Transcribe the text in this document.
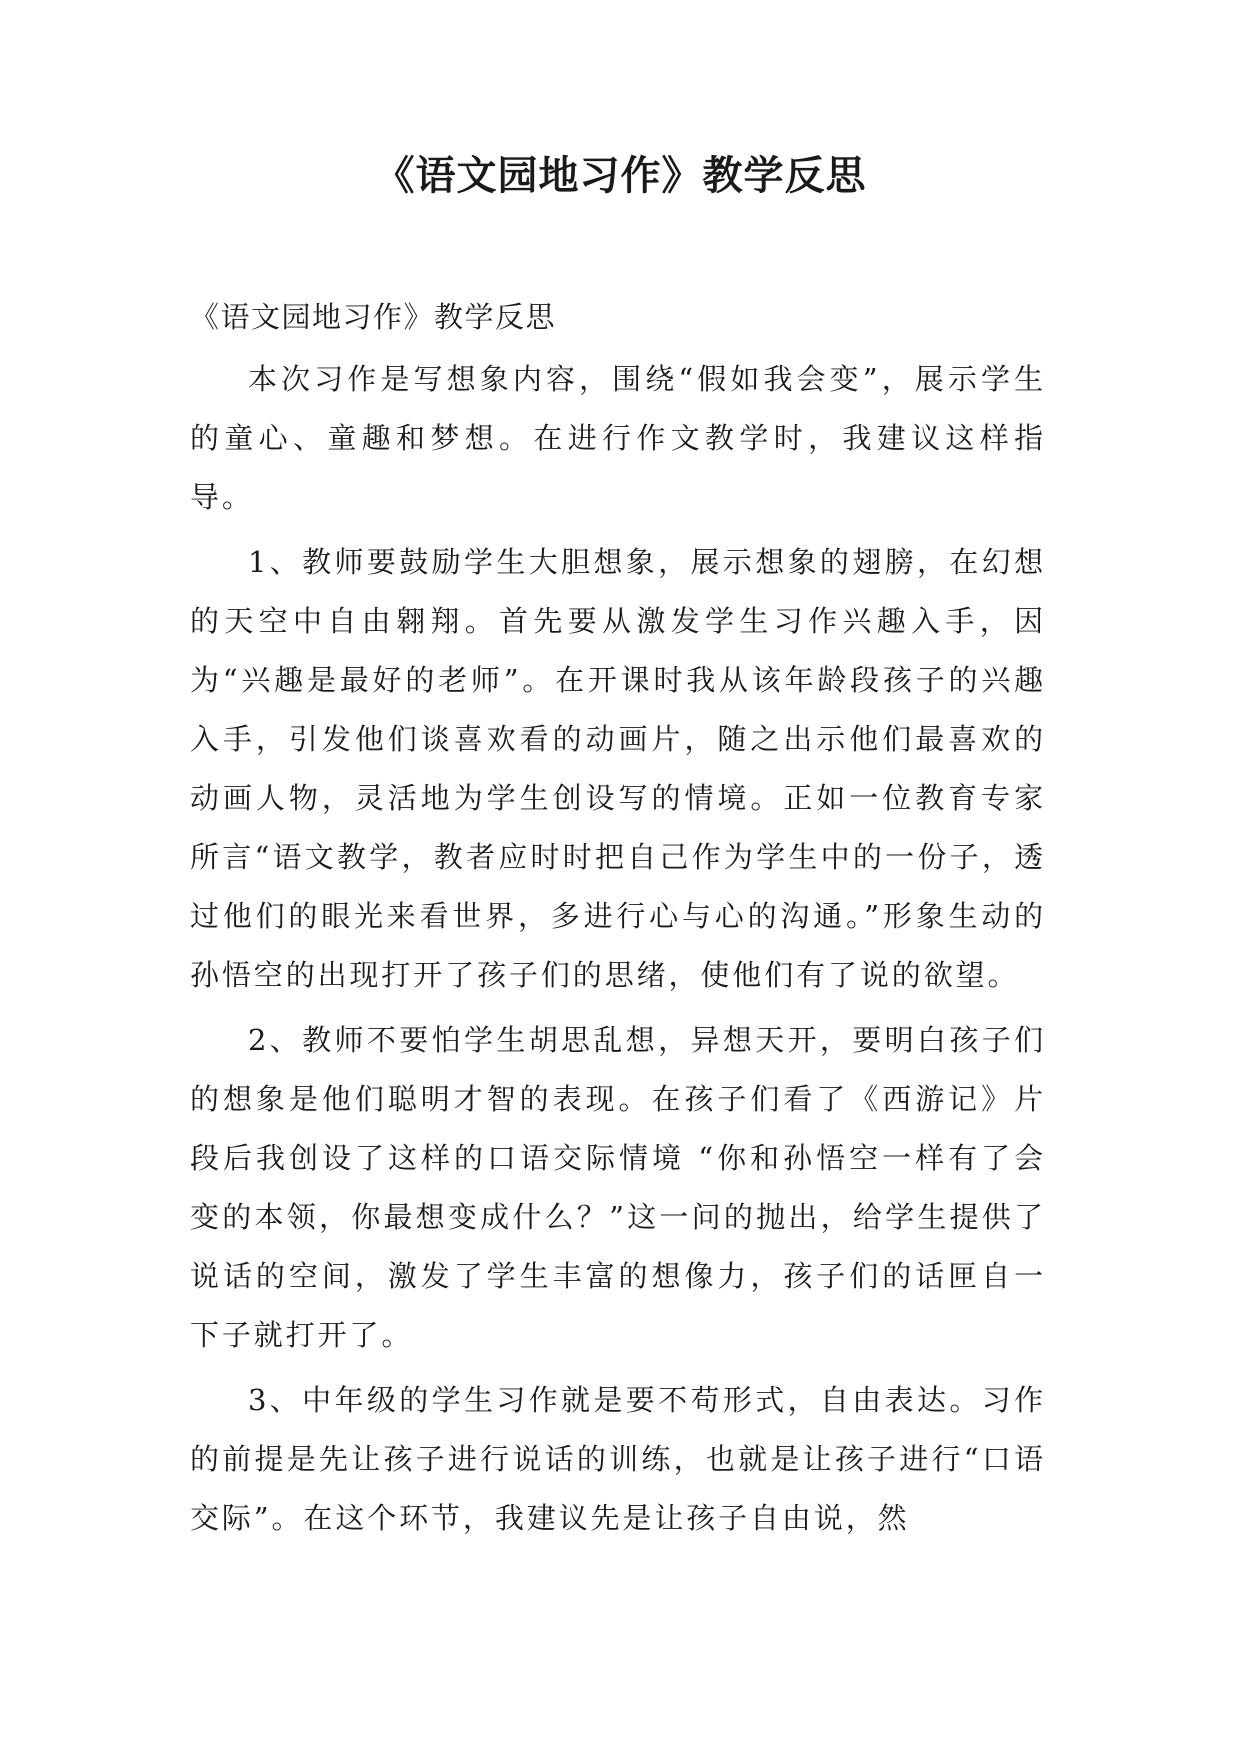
《语文园地习作》教学反思

《语文园地习作》教学反思

本次习作是写想象内容，围绕“假如我会变”，展示学生的童心、童趣和梦想。在进行作文教学时，我建议这样指导。

1、教师要鼓励学生大胆想象，展示想象的翅膀，在幻想的天空中自由翱翔。首先要从激发学生习作兴趣入手，因为“兴趣是最好的老师”。在开课时我从该年龄段孩子的兴趣入手，引发他们谈喜欢看的动画片，随之出示他们最喜欢的动画人物，灵活地为学生创设写的情境。正如一位教育专家所言“语文教学，教者应时时把自己作为学生中的一份子，透过他们的眼光来看世界，多进行心与心的沟通。”形象生动的孙悟空的出现打开了孩子们的思绪，使他们有了说的欲望。

2、教师不要怕学生胡思乱想，异想天开，要明白孩子们的想象是他们聪明才智的表现。在孩子们看了《西游记》片段后我创设了这样的口语交际情境 “你和孙悟空一样有了会变的本领，你最想变成什么？”这一问的抛出，给学生提供了说话的空间，激发了学生丰富的想像力，孩子们的话匣自一下子就打开了。

3、中年级的学生习作就是要不苟形式，自由表达。习作的前提是先让孩子进行说话的训练，也就是让孩子进行“口语交际”。在这个环节，我建议先是让孩子自由说，然
